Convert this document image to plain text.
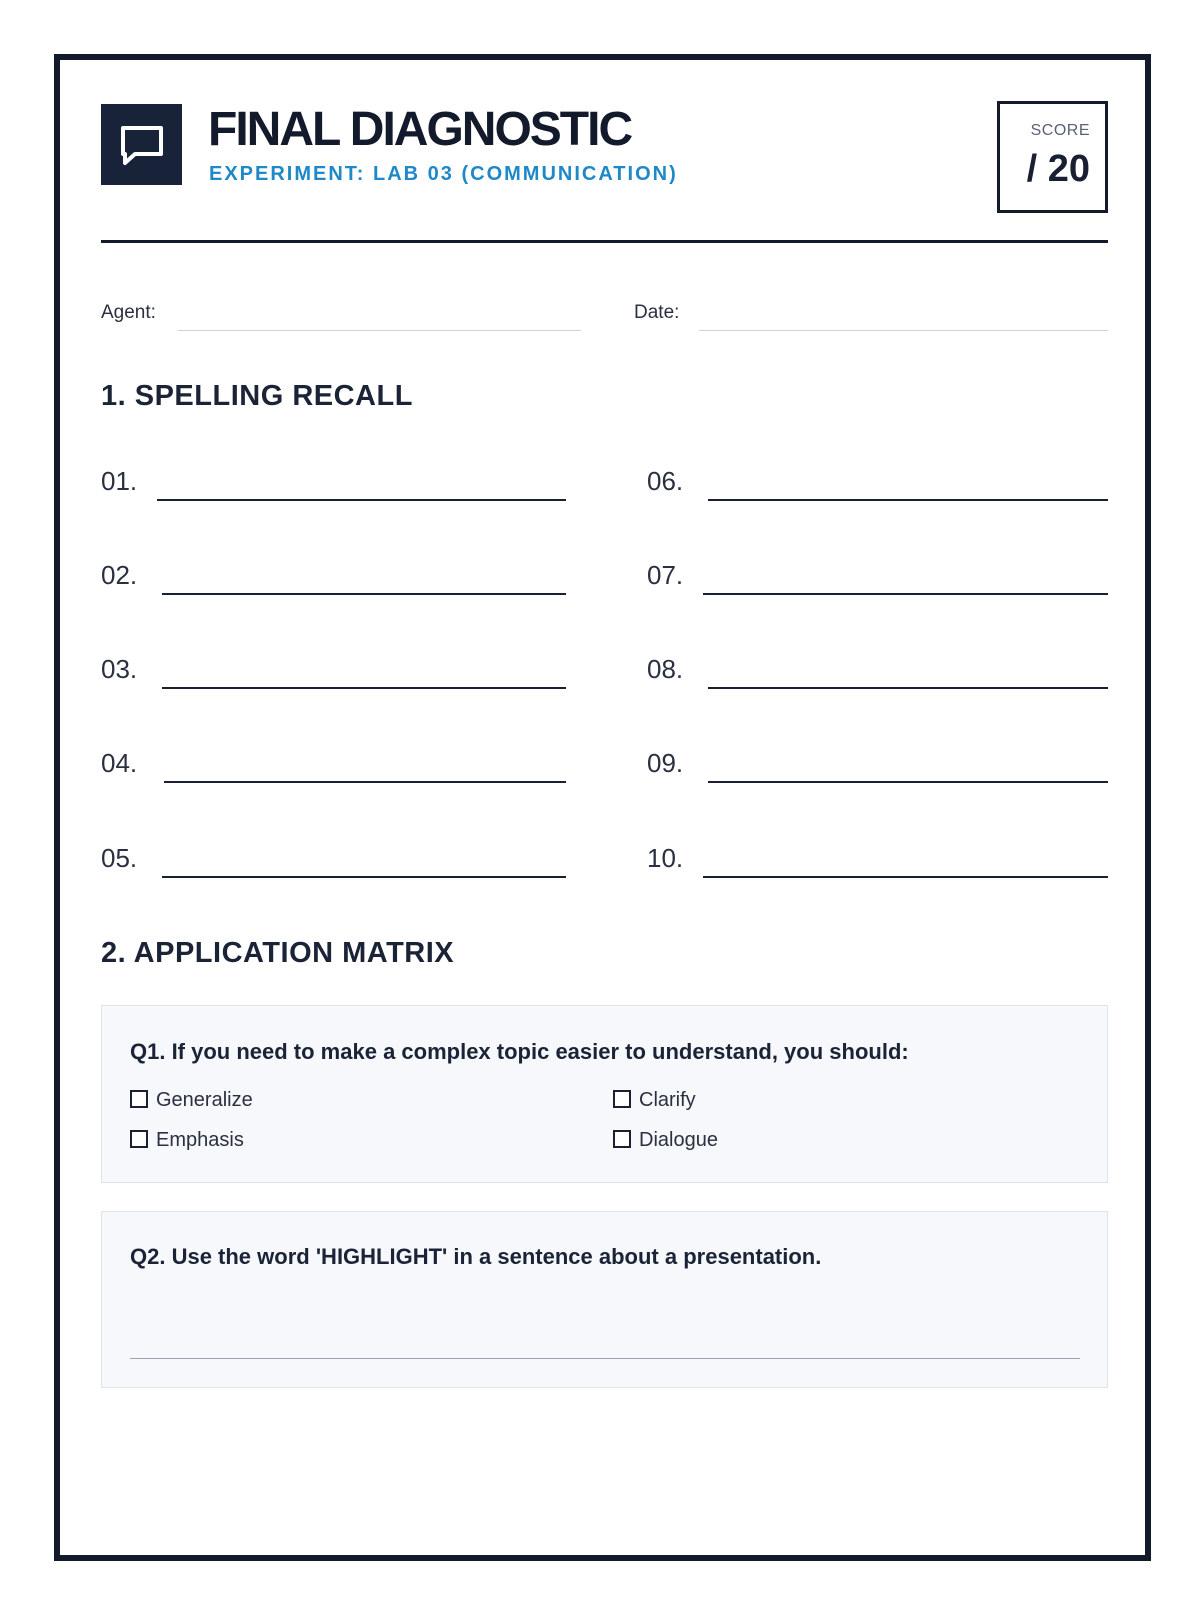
FINAL DIAGNOSTIC
EXPERIMENT: LAB 03 (COMMUNICATION)
SCORE
/ 20
Agent:	Date:
1. SPELLING RECALL
01.
02.
03.
04.
05.
06.
07.
08.
09.
10.
2. APPLICATION MATRIX
Q1. If you need to make a complex topic easier to understand, you should:
Generalize	Clarify
Emphasis	Dialogue
Q2. Use the word 'HIGHLIGHT' in a sentence about a presentation.
